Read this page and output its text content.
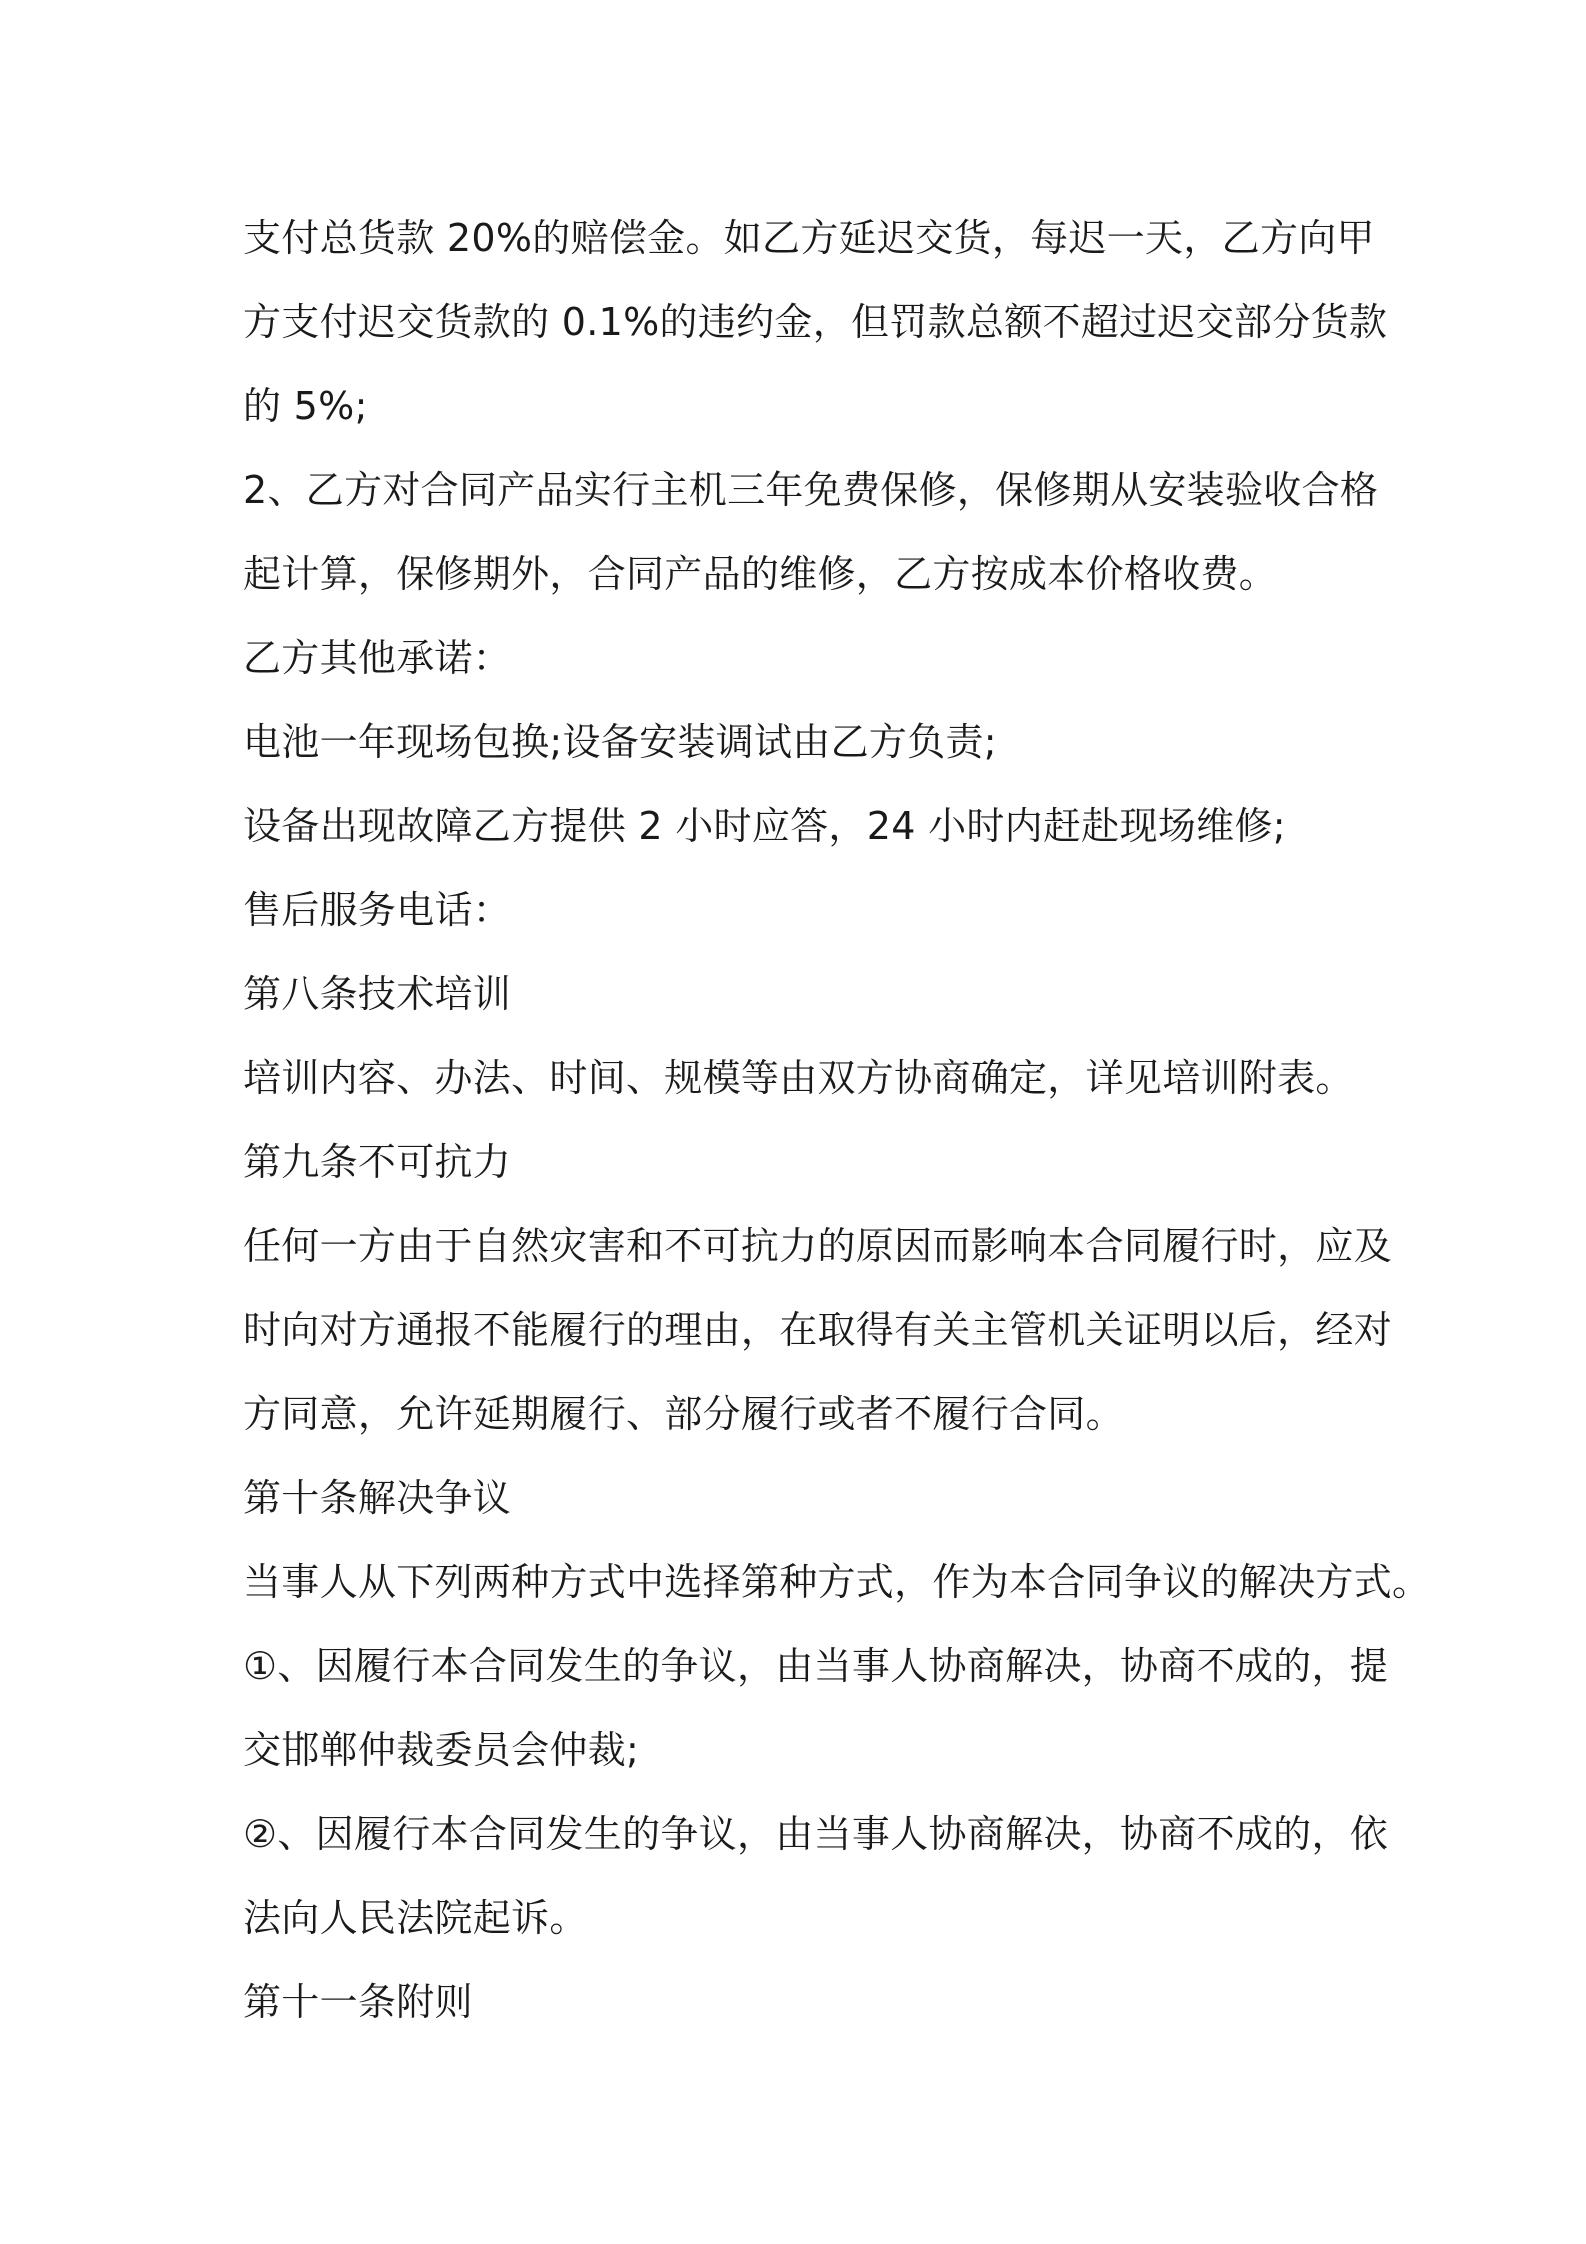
支付总货款 20%的赔偿金。如乙方延迟交货，每迟一天，乙方向甲
方支付迟交货款的 0.1%的违约金，但罚款总额不超过迟交部分货款
的 5%;
2、乙方对合同产品实行主机三年免费保修，保修期从安装验收合格
起计算，保修期外，合同产品的维修，乙方按成本价格收费。
乙方其他承诺：
电池一年现场包换;设备安装调试由乙方负责;
设备出现故障乙方提供 2 小时应答，24 小时内赶赴现场维修;
售后服务电话：
第八条技术培训
培训内容、办法、时间、规模等由双方协商确定，详见培训附表。
第九条不可抗力
任何一方由于自然灾害和不可抗力的原因而影响本合同履行时，应及
时向对方通报不能履行的理由，在取得有关主管机关证明以后，经对
方同意，允许延期履行、部分履行或者不履行合同。
第十条解决争议
当事人从下列两种方式中选择第种方式，作为本合同争议的解决方式。
①、因履行本合同发生的争议，由当事人协商解决，协商不成的，提
交邯郸仲裁委员会仲裁;
②、因履行本合同发生的争议，由当事人协商解决，协商不成的，依
法向人民法院起诉。
第十一条附则
